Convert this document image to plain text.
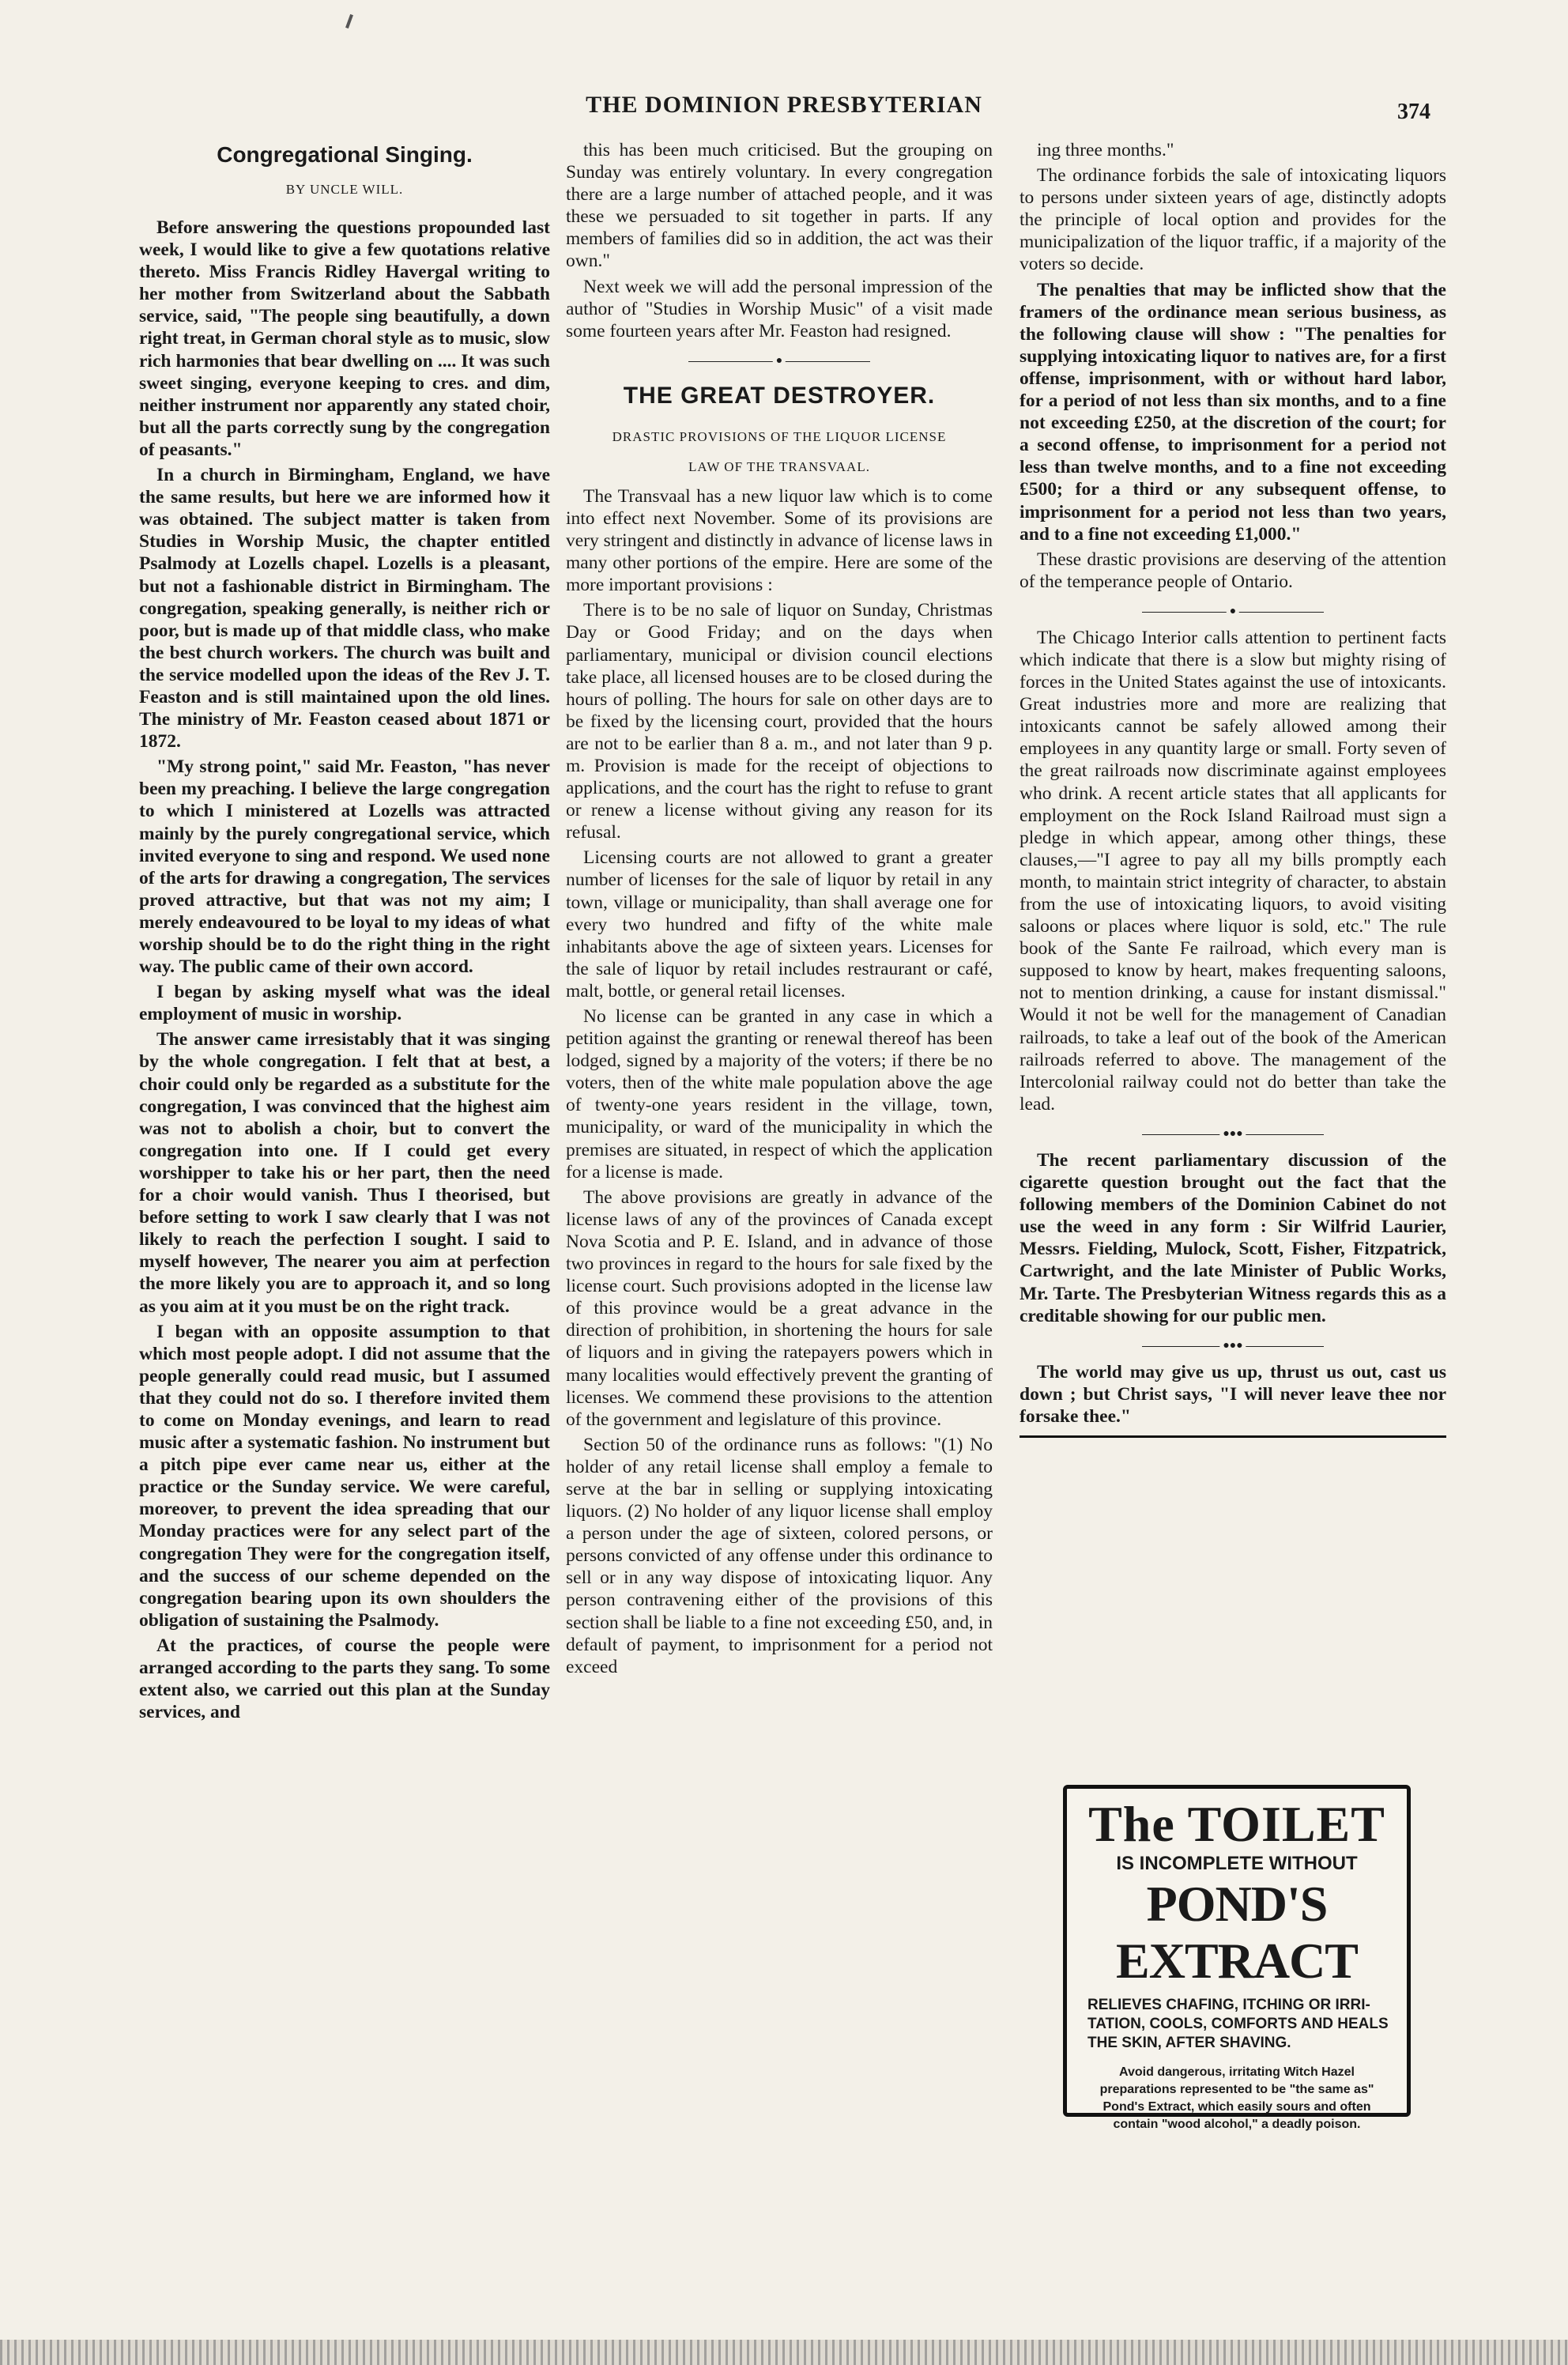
THE DOMINION PRESBYTERIAN	374
Congregational Singing.
BY UNCLE WILL.

Before answering the questions propounded last week, I would like to give a few quotations relative thereto. Miss Francis Ridley Havergal writing to her mother from Switzerland about the Sabbath service, said, "The people sing beautifully, a down right treat, in German choral style as to music, slow rich harmonies that bear dwelling on .... It was such sweet singing, everyone keeping to cres. and dim, neither instrument nor apparently any stated choir, but all the parts correctly sung by the congregation of peasants."

In a church in Birmingham, England, we have the same results, but here we are informed how it was obtained. The subject matter is taken from Studies in Worship Music, the chapter entitled Psalmody at Lozells chapel. Lozells is a pleasant, but not a fashionable district in Birmingham. The congregation, speaking generally, is neither rich or poor, but is made up of that middle class, who make the best church workers. The church was built and the service modelled upon the ideas of the Rev J. T. Feaston and is still maintained upon the old lines. The ministry of Mr. Feaston ceased about 1871 or 1872.

"My strong point," said Mr. Feaston, "has never been my preaching. I believe the large congregation to which I ministered at Lozells was attracted mainly by the purely congregational service, which invited everyone to sing and respond. We used none of the arts for drawing a congregation, The services proved attractive, but that was not my aim; I merely endeavoured to be loyal to my ideas of what worship should be to do the right thing in the right way. The public came of their own accord.

I began by asking myself what was the ideal employment of music in worship.

The answer came irresistably that it was singing by the whole congregation. I felt that at best, a choir could only be regarded as a substitute for the congregation, I was convinced that the highest aim was not to abolish a choir, but to convert the congregation into one. If I could get every worshipper to take his or her part, then the need for a choir would vanish. Thus I theorised, but before setting to work I saw clearly that I was not likely to reach the perfection I sought. I said to myself however, The nearer you aim at perfection the more likely you are to approach it, and so long as you aim at it you must be on the right track.

I began with an opposite assumption to that which most people adopt. I did not assume that the people generally could read music, but I assumed that they could not do so. I therefore invited them to come on Monday evenings, and learn to read music after a systematic fashion. No instrument but a pitch pipe ever came near us, either at the practice or the Sunday service. We were careful, moreover, to prevent the idea spreading that our Monday practices were for any select part of the congregation They were for the congregation itself, and the success of our scheme depended on the congregation bearing upon its own shoulders the obligation of sustaining the Psalmody.

At the practices, of course the people were arranged according to the parts they sang. To some extent also, we carried out this plan at the Sunday services, and

this has been much criticised. But the grouping on Sunday was entirely voluntary. In every congregation there are a large number of attached people, and it was these we persuaded to sit together in parts. If any members of families did so in addition, the act was their own."

Next week we will add the personal impression of the author of "Studies in Worship Music" of a visit made some fourteen years after Mr. Feaston had resigned.

●
THE GREAT DESTROYER.
DRASTIC PROVISIONS OF THE LIQUOR LICENSE
LAW OF THE TRANSVAAL.

The Transvaal has a new liquor law which is to come into effect next November. Some of its provisions are very stringent and distinctly in advance of license laws in many other portions of the empire. Here are some of the more important provisions :

There is to be no sale of liquor on Sunday, Christmas Day or Good Friday; and on the days when parliamentary, municipal or division council elections take place, all licensed houses are to be closed during the hours of polling. The hours for sale on other days are to be fixed by the licensing court, provided that the hours are not to be earlier than 8 a. m., and not later than 9 p. m. Provision is made for the receipt of objections to applications, and the court has the right to refuse to grant or renew a license without giving any reason for its refusal.

Licensing courts are not allowed to grant a greater number of licenses for the sale of liquor by retail in any town, village or municipality, than shall average one for every two hundred and fifty of the white male inhabitants above the age of sixteen years. Licenses for the sale of liquor by retail includes restraurant or café, malt, bottle, or general retail licenses.

No license can be granted in any case in which a petition against the granting or renewal thereof has been lodged, signed by a majority of the voters; if there be no voters, then of the white male population above the age of twenty-one years resident in the village, town, municipality, or ward of the municipality in which the premises are situated, in respect of which the application for a license is made.

The above provisions are greatly in advance of the license laws of any of the provinces of Canada except Nova Scotia and P. E. Island, and in advance of those two provinces in regard to the hours for sale fixed by the license court. Such provisions adopted in the license law of this province would be a great advance in the direction of prohibition, in shortening the hours for sale of liquors and in giving the ratepayers powers which in many localities would effectively prevent the granting of licenses. We commend these provisions to the attention of the government and legislature of this province.

Section 50 of the ordinance runs as follows: "(1) No holder of any retail license shall employ a female to serve at the bar in selling or supplying intoxicating liquors. (2) No holder of any liquor license shall employ a person under the age of sixteen, colored persons, or persons convicted of any offense under this ordinance to sell or in any way dispose of intoxicating liquor. Any person contravening either of the provisions of this section shall be liable to a fine not exceeding £50, and, in default of payment, to imprisonment for a period not exceed

ing three months."

The ordinance forbids the sale of intoxicating liquors to persons under sixteen years of age, distinctly adopts the principle of local option and provides for the municipalization of the liquor traffic, if a majority of the voters so decide.

The penalties that may be inflicted show that the framers of the ordinance mean serious business, as the following clause will show : "The penalties for supplying intoxicating liquor to natives are, for a first offense, imprisonment, with or without hard labor, for a period of not less than six months, and to a fine not exceeding £250, at the discretion of the court; for a second offense, to imprisonment for a period not less than twelve months, and to a fine not exceeding £500; for a third or any subsequent offense, to imprisonment for a period not less than two years, and to a fine not exceeding £1,000."

These drastic provisions are deserving of the attention of the temperance people of Ontario.

●

The Chicago Interior calls attention to pertinent facts which indicate that there is a slow but mighty rising of forces in the United States against the use of intoxicants. Great industries more and more are realizing that intoxicants cannot be safely allowed among their employees in any quantity large or small. Forty seven of the great railroads now discriminate against employees who drink. A recent article states that all applicants for employment on the Rock Island Railroad must sign a pledge in which appear, among other things, these clauses,—"I agree to pay all my bills promptly each month, to maintain strict integrity of character, to abstain from the use of intoxicating liquors, to avoid visiting saloons or places where liquor is sold, etc." The rule book of the Sante Fe railroad, which every man is supposed to know by heart, makes frequenting saloons, not to mention drinking, a cause for instant dismissal." Would it not be well for the management of Canadian railroads, to take a leaf out of the book of the American railroads referred to above. The management of the Intercolonial railway could not do better than take the lead.

●●●

The recent parliamentary discussion of the cigarette question brought out the fact that the following members of the Dominion Cabinet do not use the weed in any form : Sir Wilfrid Laurier, Messrs. Fielding, Mulock, Scott, Fisher, Fitzpatrick, Cartwright, and the late Minister of Public Works, Mr. Tarte. The Presbyterian Witness regards this as a creditable showing for our public men.

●●●

The world may give us up, thrust us out, cast us down ; but Christ says, "I will never leave thee nor forsake thee."

The TOILET
IS INCOMPLETE WITHOUT
POND'S EXTRACT
RELIEVES CHAFING, ITCHING OR IRRI-
TATION, COOLS, COMFORTS AND HEALS
THE SKIN, AFTER SHAVING.
Avoid dangerous, irritating Witch Hazel preparations represented to be "the same as" Pond's Extract, which easily sours and often contain "wood alcohol," a deadly poison.
